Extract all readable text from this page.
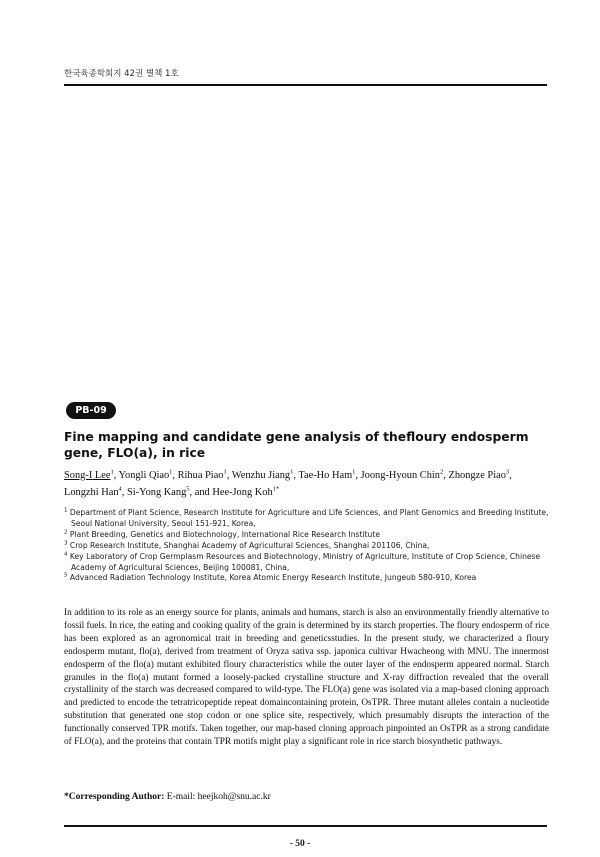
한국육종학회지 42권 별책 1호
PB-09
Fine mapping and candidate gene analysis of thefloury endosperm gene, FLO(a), in rice
Song-I Lee$^1$, Yongli Qiao$^1$, Rihua Piao$^1$, Wenzhu Jiang$^1$, Tae-Ho Ham$^1$, Joong-Hyoun Chin$^2$, Zhongze Piao$^3$, Longzhi Han$^4$, Si-Yong Kang$^5$, and Hee-Jong Koh$^{1*}$
$^1$ Department of Plant Science, Research Institute for Agriculture and Life Sciences, and Plant Genomics and Breeding Institute, Seoul National University, Seoul 151-921, Korea,
$^2$ Plant Breeding, Genetics and Biotechnology, International Rice Research Institute
$^3$ Crop Research Institute, Shanghai Academy of Agricultural Sciences, Shanghai 201106, China,
$^4$ Key Laboratory of Crop Germplasm Resources and Biotechnology, Ministry of Agriculture, Institute of Crop Science, Chinese Academy of Agricultural Sciences, Beijing 100081, China,
$^5$ Advanced Radiation Technology Institute, Korea Atomic Energy Research Institute, Jungeub 580-910, Korea

In addition to its role as an energy source for plants, animals and humans, starch is also an environmentally friendly alternative to fossil fuels. In rice, the eating and cooking quality of the grain is determined by its starch properties. The floury endosperm of rice has been explored as an agronomical trait in breeding and geneticsstudies. In the present study, we characterized a floury endosperm mutant, flo(a), derived from treatment of Oryza sativa ssp. japonica cultivar Hwacheong with MNU. The innermost endosperm of the flo(a) mutant exhibited floury characteristics while the outer layer of the endosperm appeared normal. Starch granules in the flo(a) mutant formed a loosely-packed crystalline structure and X-ray diffraction revealed that the overall crystallinity of the starch was decreased compared to wild-type. The FLO(a) gene was isolated via a map-based cloning approach and predicted to encode the tetratricopeptide repeat domaincontaining protein, OsTPR. Three mutant alleles contain a nucleotide substitution that generated one stop codon or one splice site, respectively, which presumably disrupts the interaction of the functionally conserved TPR motifs. Taken together, our map-based cloning approach pinpointed an OsTPR as a strong candidate of FLO(a), and the proteins that contain TPR motifs might play a significant role in rice starch biosynthetic pathways.

*Corresponding Author: E-mail: heejkoh@snu.ac.kr
- 50 -
